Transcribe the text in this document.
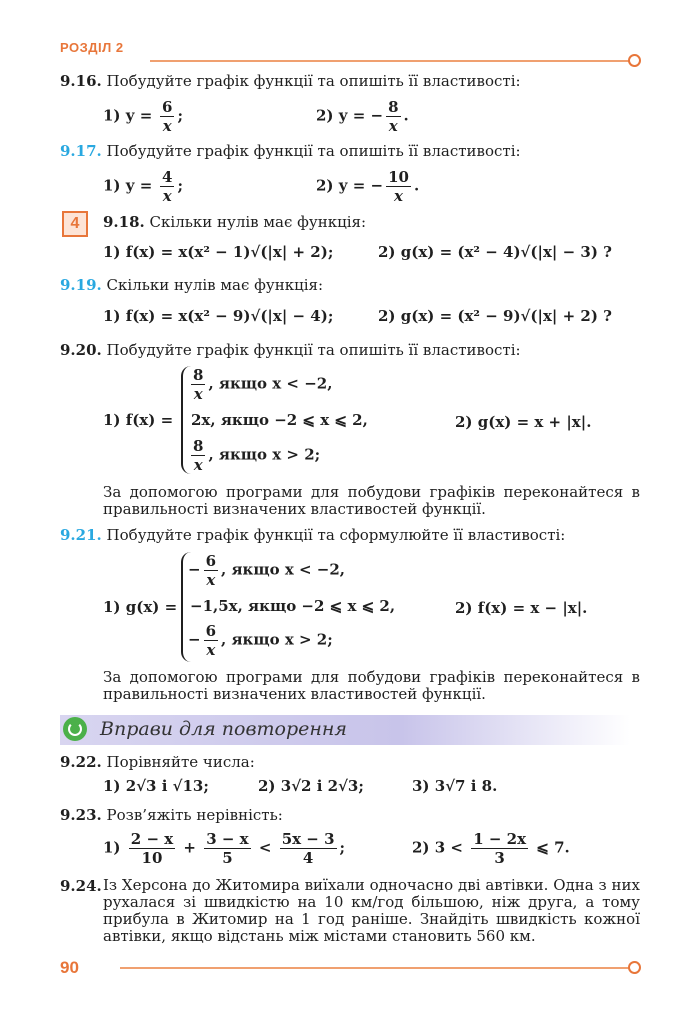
РОЗДІЛ 2
9.16. Побудуйте графік функції та опишіть її властивості:
1) $y = \frac{6}{x}$ ;	2) y = − $\frac{8}{x}$ .
9.17. Побудуйте графік функції та опишіть її властивості:
1) $y = \frac{4}{x}$ ;	2) y = − $\frac{10}{x}$ .
4	9.18. Скільки нулів має функція:
1) f(x) = x(x² − 1)√(|x| + 2);	2) g(x) = (x² − 4)√(|x| − 3) ?
9.19. Скільки нулів має функція:
1) f(x) = x(x² − 9)√(|x| − 4);	2) g(x) = (x² − 9)√(|x| + 2) ?
9.20. Побудуйте графік функції та опишіть її властивості:
1) f(x) =
$\frac{8}{x}$ , якщо x < −2,
2x, якщо −2 ⩽ x ⩽ 2,
$\frac{8}{x}$ , якщо x > 2;
2) g(x) = x + |x|.
За допомогою програми для побудови графіків переконайтеся в правильності визначених властивостей функції.
9.21. Побудуйте графік функції та сформулюйте її властивості:
1) g(x) =
− $\frac{6}{x}$ , якщо x < −2,
−1,5x, якщо −2 ⩽ x ⩽ 2,
− $\frac{6}{x}$ , якщо x > 2;
2) f(x) = x − |x|.
За допомогою програми для побудови графіків переконайтеся в правильності визначених властивостей функції.
Вправи для повторення
9.22. Порівняйте числа:
1) 2√3 і √13;	2) 3√2 і 2√3;	3) 3√7 і 8.
9.23. Розв’яжіть нерівність:
$1) \frac{2 - x}{10} + \frac{3 - x}{5} < \frac{5x - 3}{4}$ ;	2) $3 < \frac{1 - 2x}{3}$ ⩽ 7.
9.24. Із Херсона до Житомира виїхали одночасно дві автівки. Одна з них рухалася зі швидкістю на 10 км/год більшою, ніж друга, а тому прибула в Житомир на 1 год раніше. Знайдіть швидкість кожної автівки, якщо відстань між містами становить 560 км.
90
